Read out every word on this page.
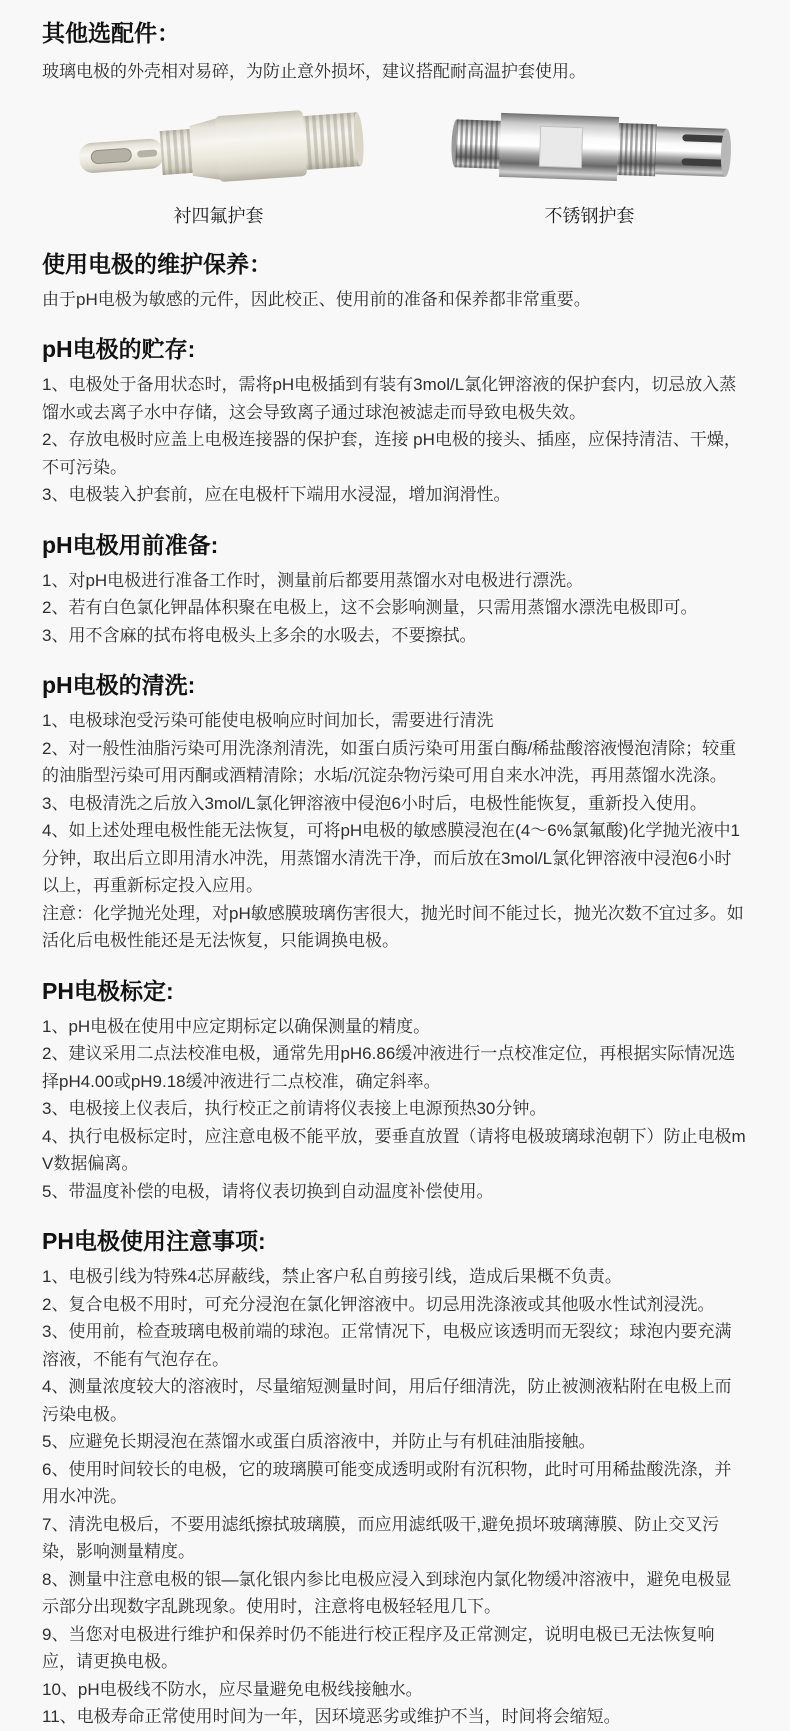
其他选配件：

玻璃电极的外壳相对易碎，为防止意外损坏，建议搭配耐高温护套使用。

衬四氟护套	不锈钢护套
使用电极的维护保养：

由于pH电极为敏感的元件，因此校正、使用前的准备和保养都非常重要。

pH电极的贮存:

1、电极处于备用状态时，需将pH电极插到有装有3mol/L氯化钾溶液的保护套内，切忌放入蒸馏水或去离子水中存储，这会导致离子通过球泡被滤走而导致电极失效。

2、存放电极时应盖上电极连接器的保护套，连接 pH电极的接头、插座，应保持清洁、干燥，不可污染。

3、电极装入护套前，应在电极杆下端用水浸湿，增加润滑性。

pH电极用前准备:

1、对pH电极进行准备工作时，测量前后都要用蒸馏水对电极进行漂洗。

2、若有白色氯化钾晶体积聚在电极上，这不会影响测量，只需用蒸馏水漂洗电极即可。

3、用不含麻的拭布将电极头上多余的水吸去，不要擦拭。

pH电极的清洗:

1、电极球泡受污染可能使电极响应时间加长，需要进行清洗

2、对一般性油脂污染可用洗涤剂清洗，如蛋白质污染可用蛋白酶/稀盐酸溶液慢泡清除；较重的油脂型污染可用丙酮或酒精清除；水垢/沉淀杂物污染可用自来水冲洗，再用蒸馏水洗涤。

3、电极清洗之后放入3mol/L氯化钾溶液中侵泡6小时后，电极性能恢复，重新投入使用。

4、如上述处理电极性能无法恢复，可将pH电极的敏感膜浸泡在(4～6%氯氟酸)化学抛光液中1分钟，取出后立即用清水冲洗，用蒸馏水清洗干净，而后放在3mol/L氯化钾溶液中浸泡6小时以上，再重新标定投入应用。

注意：化学抛光处理，对pH敏感膜玻璃伤害很大，抛光时间不能过长，抛光次数不宜过多。如活化后电极性能还是无法恢复，只能调换电极。

PH电极标定:

1、pH电极在使用中应定期标定以确保测量的精度。

2、建议采用二点法校准电极，通常先用pH6.86缓冲液进行一点校准定位，再根据实际情况选择pH4.00或pH9.18缓冲液进行二点校准，确定斜率。

3、电极接上仪表后，执行校正之前请将仪表接上电源预热30分钟。

4、执行电极标定时，应注意电极不能平放，要垂直放置（请将电极玻璃球泡朝下）防止电极mV数据偏离。

5、带温度补偿的电极，请将仪表切换到自动温度补偿使用。

PH电极使用注意事项:

1、电极引线为特殊4芯屏蔽线，禁止客户私自剪接引线，造成后果概不负责。

2、复合电极不用时，可充分浸泡在氯化钾溶液中。切忌用洗涤液或其他吸水性试剂浸洗。

3、使用前，检查玻璃电极前端的球泡。正常情况下，电极应该透明而无裂纹；球泡内要充满溶液，不能有气泡存在。

4、测量浓度较大的溶液时，尽量缩短测量时间，用后仔细清洗，防止被测液粘附在电极上而污染电极。

5、应避免长期浸泡在蒸馏水或蛋白质溶液中，并防止与有机硅油脂接触。

6、使用时间较长的电极，它的玻璃膜可能变成透明或附有沉积物，此时可用稀盐酸洗涤，并用水冲洗。

7、清洗电极后，不要用滤纸擦拭玻璃膜，而应用滤纸吸干,避免损坏玻璃薄膜、防止交叉污染，影响测量精度。

8、测量中注意电极的银—氯化银内参比电极应浸入到球泡内氯化物缓冲溶液中，避免电极显示部分出现数字乱跳现象。使用时，注意将电极轻轻甩几下。

9、当您对电极进行维护和保养时仍不能进行校正程序及正常测定，说明电极已无法恢复响应，请更换电极。

10、pH电极线不防水，应尽量避免电极线接触水。

11、电极寿命正常使用时间为一年，因环境恶劣或维护不当，时间将会缩短。
